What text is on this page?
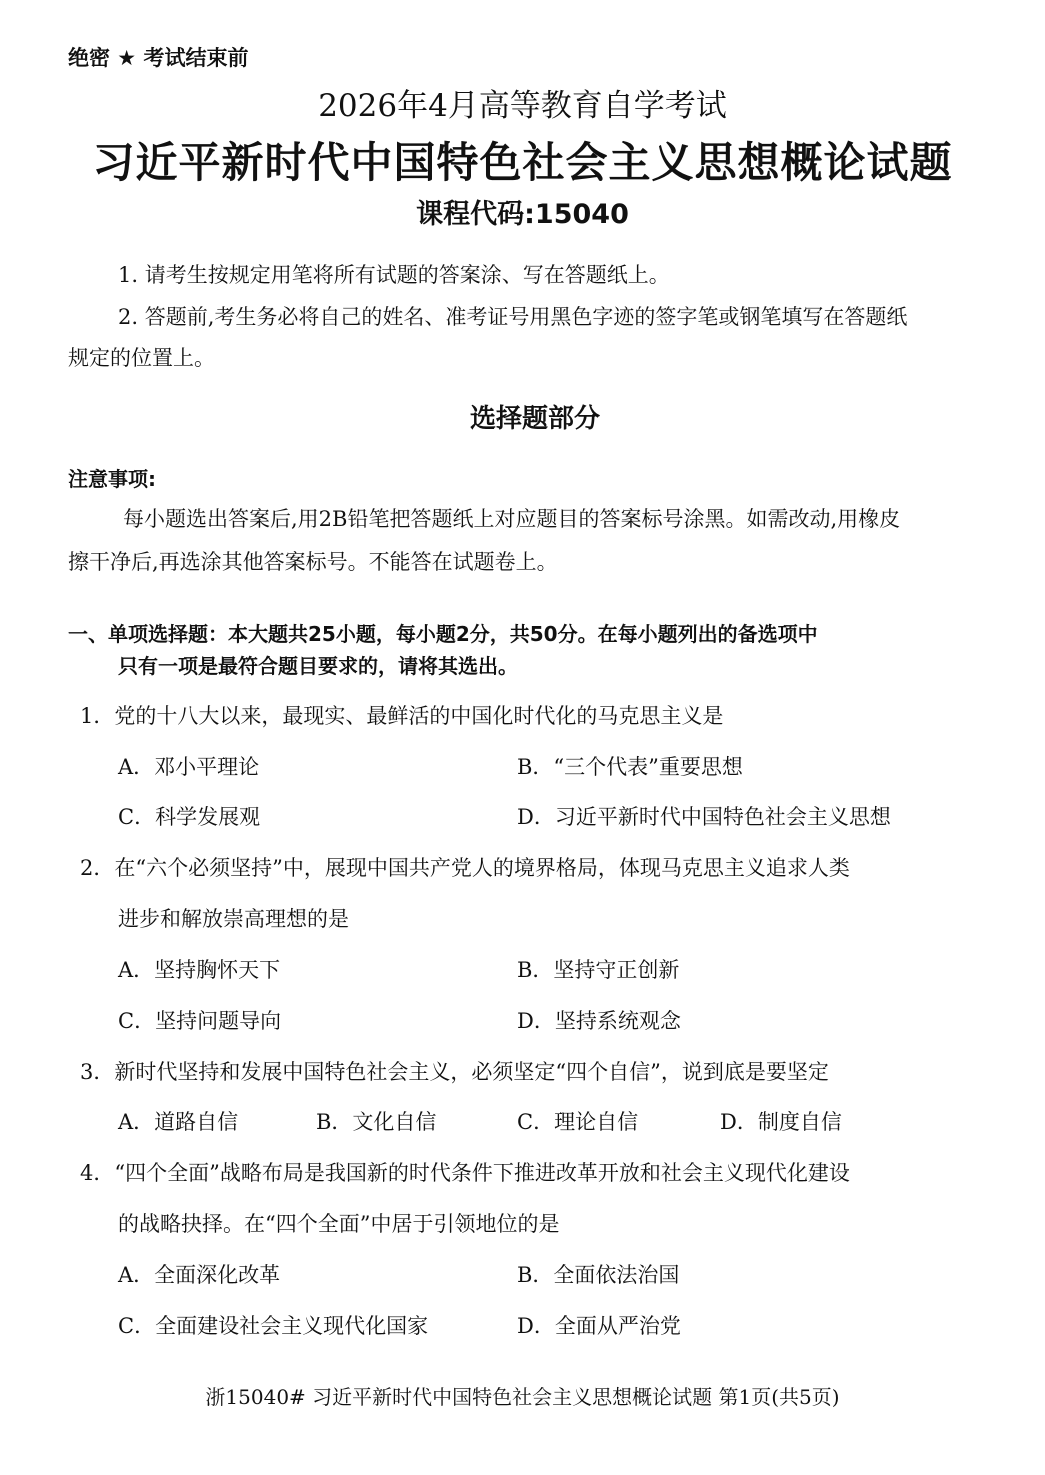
绝密 ★ 考试结束前
2026年4月高等教育自学考试
习近平新时代中国特色社会主义思想概论试题
课程代码:15040
1. 请考生按规定用笔将所有试题的答案涂、写在答题纸上。
2. 答题前,考生务必将自己的姓名、准考证号用黑色字迹的签字笔或钢笔填写在答题纸
规定的位置上。
选择题部分
注意事项:
每小题选出答案后,用2B铅笔把答题纸上对应题目的答案标号涂黑。如需改动,用橡皮
擦干净后,再选涂其他答案标号。不能答在试题卷上。
一、单项选择题：本大题共25小题，每小题2分，共50分。在每小题列出的备选项中
只有一项是最符合题目要求的，请将其选出。
1．党的十八大以来，最现实、最鲜活的中国化时代化的马克思主义是
A．邓小平理论	B．“三个代表”重要思想
C．科学发展观	D．习近平新时代中国特色社会主义思想
2．在“六个必须坚持”中，展现中国共产党人的境界格局，体现马克思主义追求人类
进步和解放崇高理想的是
A．坚持胸怀天下	B．坚持守正创新
C．坚持问题导向	D．坚持系统观念
3．新时代坚持和发展中国特色社会主义，必须坚定“四个自信”，说到底是要坚定
A．道路自信	B．文化自信	C．理论自信	D．制度自信
4．“四个全面”战略布局是我国新的时代条件下推进改革开放和社会主义现代化建设
的战略抉择。在“四个全面”中居于引领地位的是
A．全面深化改革	B．全面依法治国
C．全面建设社会主义现代化国家	D．全面从严治党
浙15040# 习近平新时代中国特色社会主义思想概论试题 第1页(共5页)
